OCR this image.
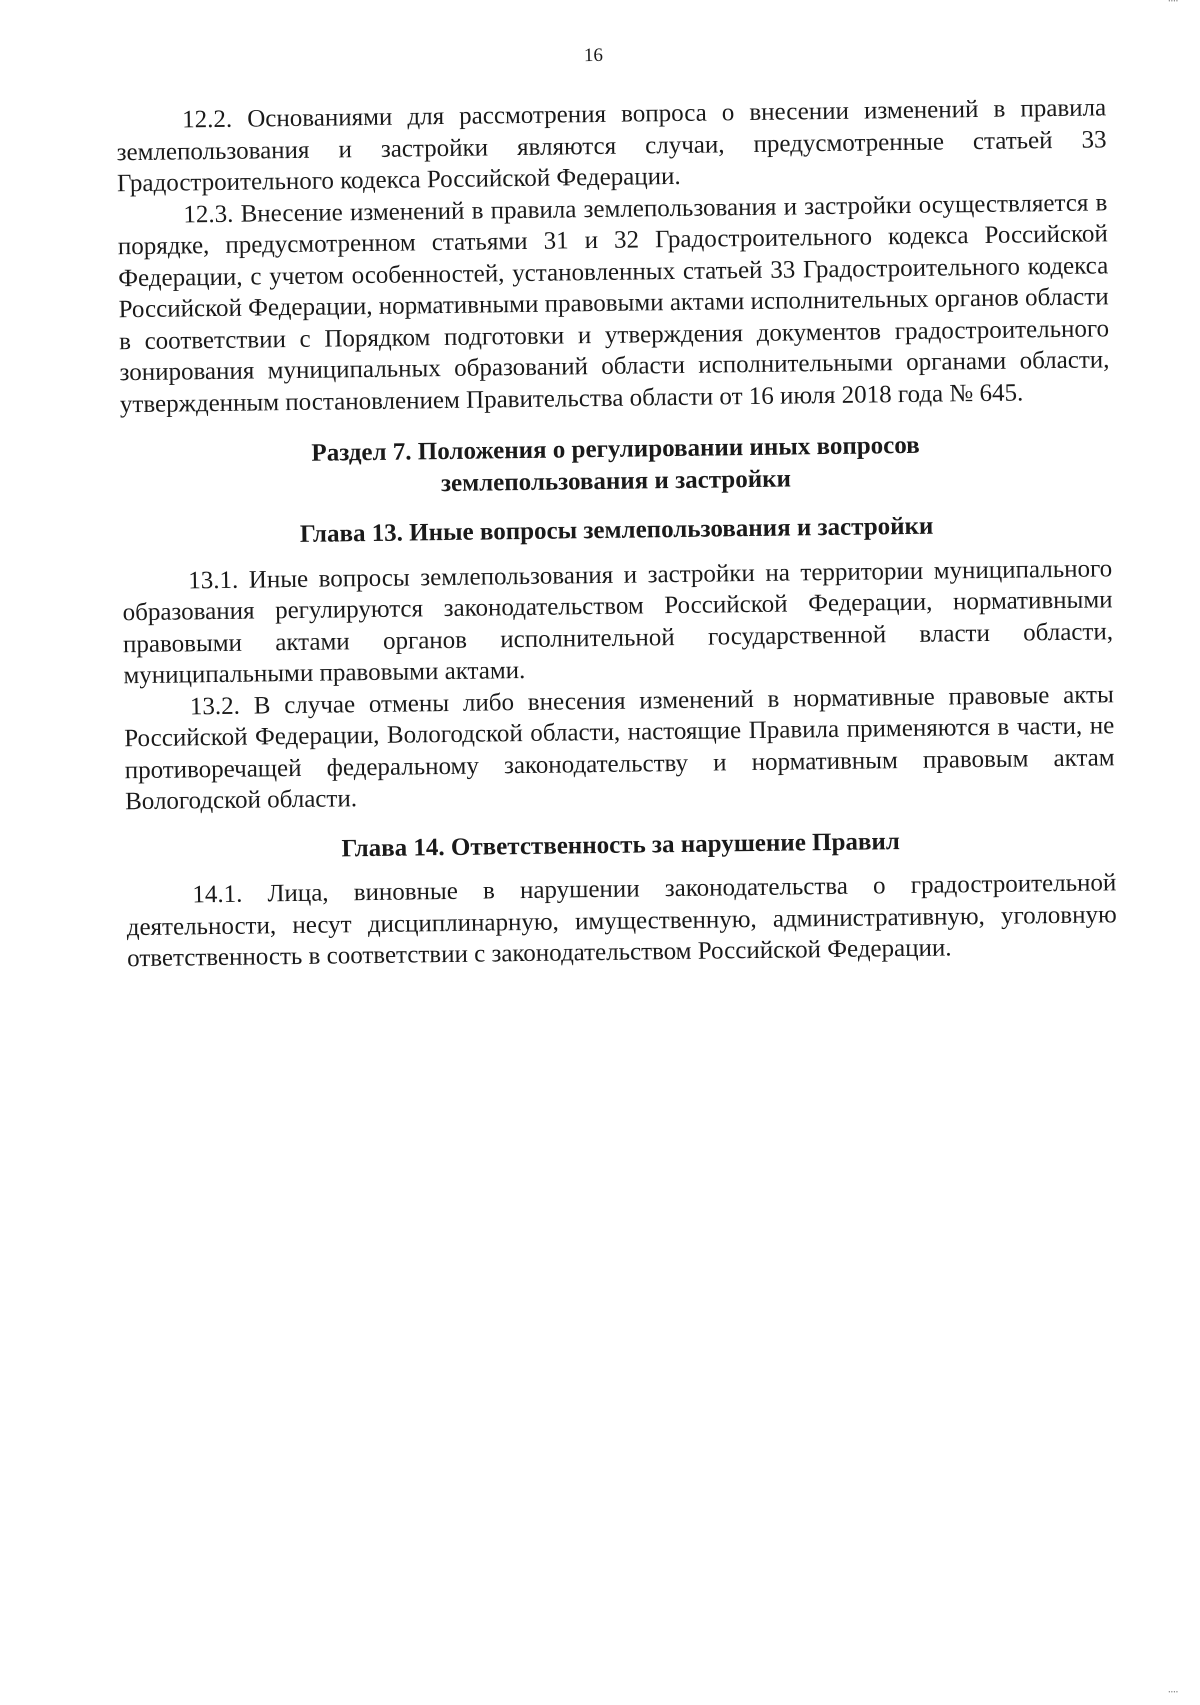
16

12.2. Основаниями для рассмотрения вопроса о внесении изменений в правила землепользования и застройки являются случаи, предусмотренные статьей 33 Градостроительного кодекса Российской Федерации.

12.3. Внесение изменений в правила землепользования и застройки осуществляется в порядке, предусмотренном статьями 31 и 32 Градостроительного кодекса Российской Федерации, с учетом особенностей, установленных статьей 33 Градостроительного кодекса Российской Федерации, нормативными правовыми актами исполнительных органов области в соответствии с Порядком подготовки и утверждения документов градостроительного зонирования муниципальных образований области исполнительными органами области, утвержденным постановлением Правительства области от 16 июля 2018 года № 645.

Раздел 7. Положения о регулировании иных вопросов
землепользования и застройки
Глава 13. Иные вопросы землепользования и застройки

13.1. Иные вопросы землепользования и застройки на территории муниципального образования регулируются законодательством Российской Федерации, нормативными правовыми актами органов исполнительной государственной власти области, муниципальными правовыми актами.

13.2. В случае отмены либо внесения изменений в нормативные правовые акты Российской Федерации, Вологодской области, настоящие Правила применяются в части, не противоречащей федеральному законодательству и нормативным правовым актам Вологодской области.

Глава 14. Ответственность за нарушение Правил

14.1. Лица, виновные в нарушении законодательства о градостроительной деятельности, несут дисциплинарную, имущественную, административную, уголовную ответственность в соответствии с законодательством Российской Федерации.

᠁
᠁
